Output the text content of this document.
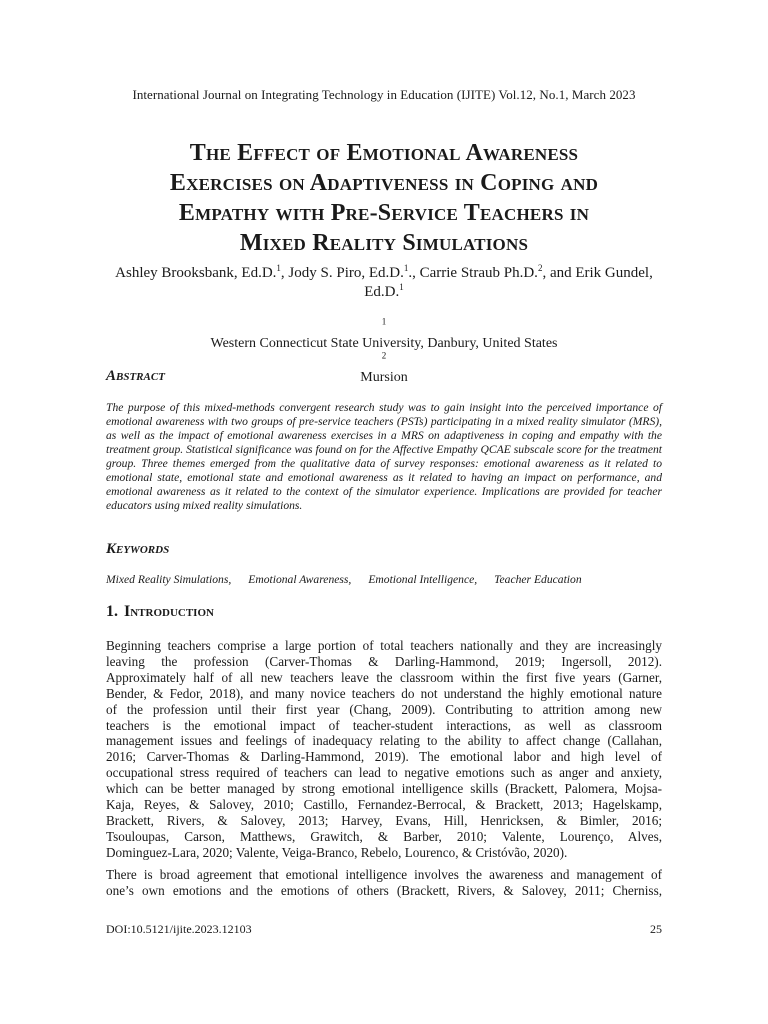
International Journal on Integrating Technology in Education (IJITE) Vol.12, No.1, March 2023
The Effect of Emotional Awareness
Exercises on Adaptiveness in Coping and
Empathy with Pre-Service Teachers in
Mixed Reality Simulations
Ashley Brooksbank, Ed.D.$^1$, Jody S. Piro, Ed.D.$^1$., Carrie Straub Ph.D.$^2$, and Erik Gundel, Ed.D.$^1$
$^1$
Western Connecticut State University, Danbury, United States
$^2$
Mursion
Abstract
The purpose of this mixed-methods convergent research study was to gain insight into the perceived importance of emotional awareness with two groups of pre-service teachers (PSTs) participating in a mixed reality simulator (MRS), as well as the impact of emotional awareness exercises in a MRS on adaptiveness in coping and empathy with the treatment group. Statistical significance was found on for the Affective Empathy QCAE subscale score for the treatment group. Three themes emerged from the qualitative data of survey responses: emotional awareness as it related to emotional state, emotional state and emotional awareness as it related to having an impact on performance, and emotional awareness as it related to the context of the simulator experience. Implications are provided for teacher educators using mixed reality simulations.
Keywords
Mixed Reality Simulations, Emotional Awareness, Emotional Intelligence, Teacher Education
1. Introduction
Beginning teachers comprise a large portion of total teachers nationally and they are increasingly
leaving the profession (Carver-Thomas & Darling-Hammond, 2019; Ingersoll, 2012).
Approximately half of all new teachers leave the classroom within the first five years (Garner,
Bender, & Fedor, 2018), and many novice teachers do not understand the highly emotional nature
of the profession until their first year (Chang, 2009). Contributing to attrition among new
teachers is the emotional impact of teacher-student interactions, as well as classroom
management issues and feelings of inadequacy relating to the ability to affect change (Callahan,
2016; Carver-Thomas & Darling-Hammond, 2019). The emotional labor and high level of
occupational stress required of teachers can lead to negative emotions such as anger and anxiety,
which can be better managed by strong emotional intelligence skills (Brackett, Palomera, Mojsa-
Kaja, Reyes, & Salovey, 2010; Castillo, Fernandez-Berrocal, & Brackett, 2013; Hagelskamp,
Brackett, Rivers, & Salovey, 2013; Harvey, Evans, Hill, Henricksen, & Bimler, 2016;
Tsouloupas, Carson, Matthews, Grawitch, & Barber, 2010; Valente, Lourenço, Alves,
Dominguez-Lara, 2020; Valente, Veiga-Branco, Rebelo, Lourenco, & Cristóvão, 2020).
There is broad agreement that emotional intelligence involves the awareness and management of
one’s own emotions and the emotions of others (Brackett, Rivers, & Salovey, 2011; Cherniss,
DOI:10.5121/ijite.2023.12103	25
